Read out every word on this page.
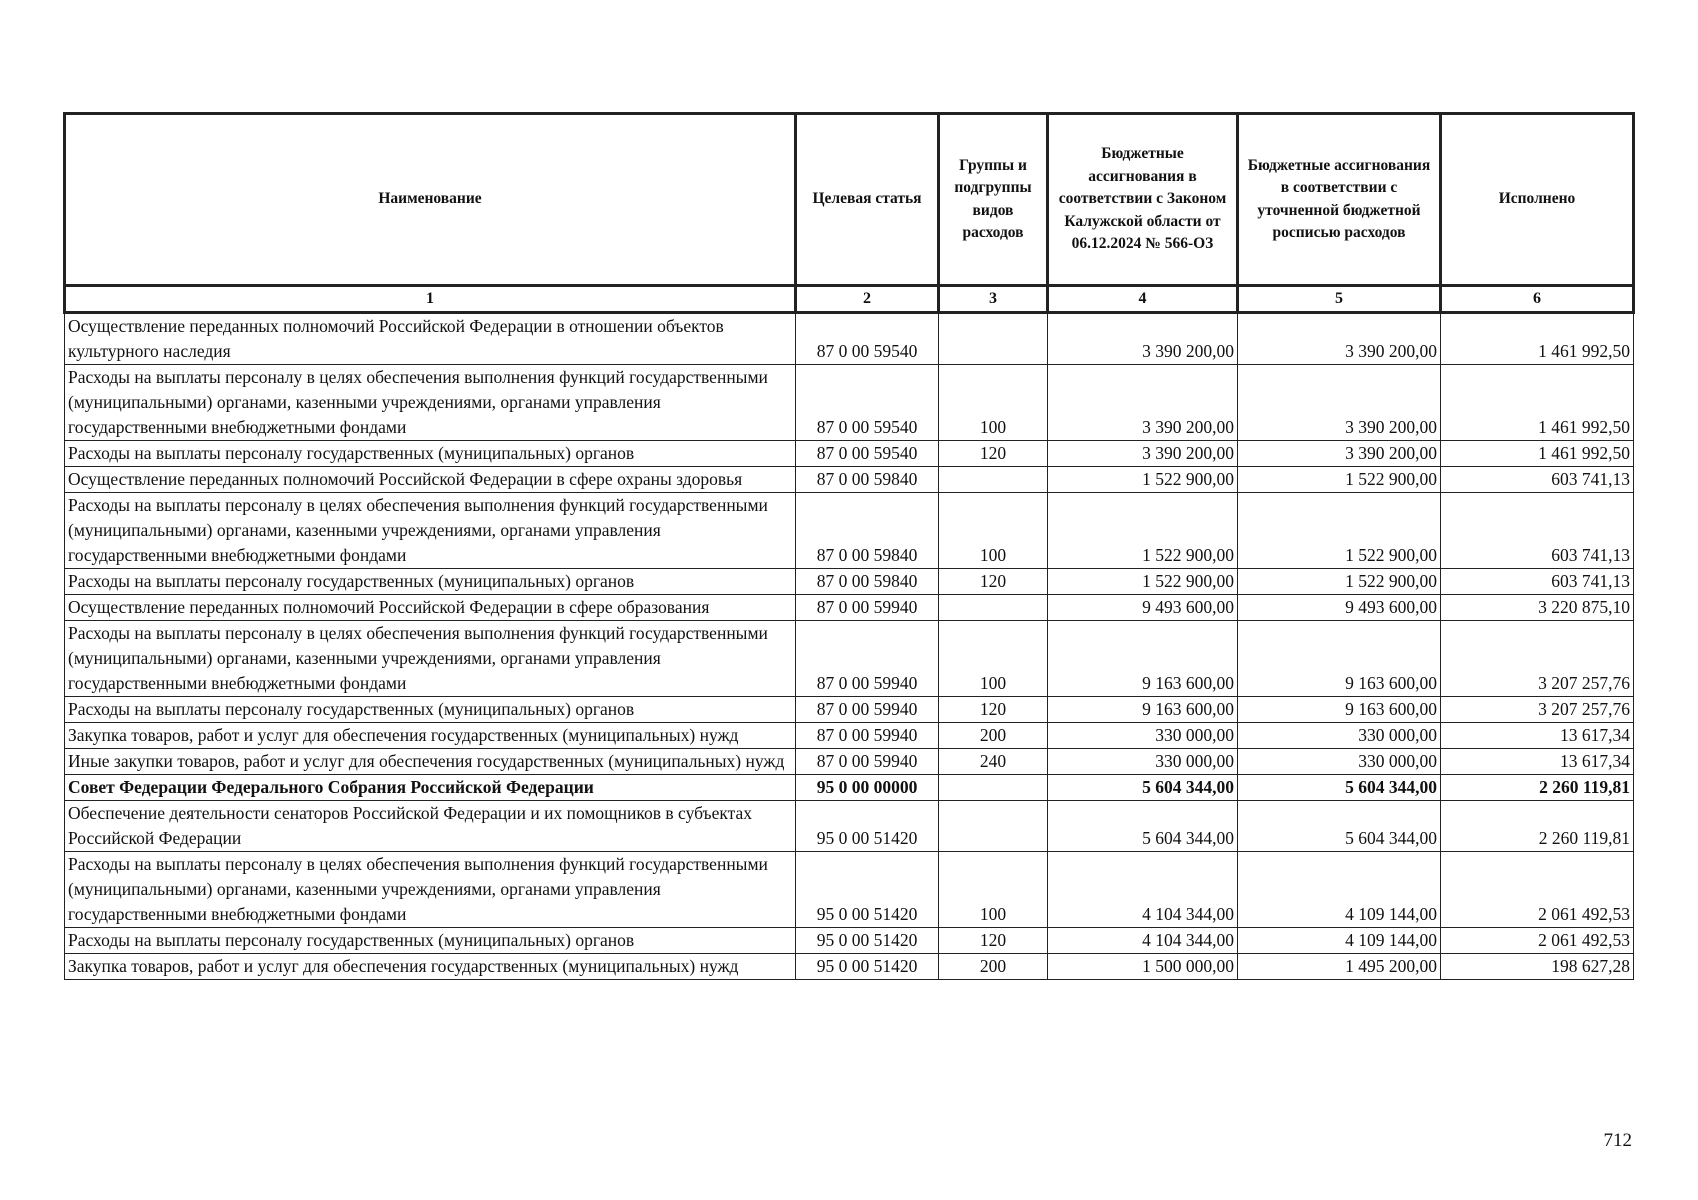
Наименование	Целевая статья	Группы и подгруппы видов расходов	Бюджетные ассигнования в соответствии с Законом Калужской области от 06.12.2024 № 566-ОЗ	Бюджетные ассигнования в соответствии с уточненной бюджетной росписью расходов	Исполнено
1	2	3	4	5	6
Осуществление переданных полномочий Российской Федерации в отношении объектов культурного наследия	87 0 00 59540		3 390 200,00	3 390 200,00	1 461 992,50
Расходы на выплаты персоналу в целях обеспечения выполнения функций государственными (муниципальными) органами, казенными учреждениями, органами управления государственными внебюджетными фондами	87 0 00 59540	100	3 390 200,00	3 390 200,00	1 461 992,50
Расходы на выплаты персоналу государственных (муниципальных) органов	87 0 00 59540	120	3 390 200,00	3 390 200,00	1 461 992,50
Осуществление переданных полномочий Российской Федерации в сфере охраны здоровья	87 0 00 59840		1 522 900,00	1 522 900,00	603 741,13
Расходы на выплаты персоналу в целях обеспечения выполнения функций государственными (муниципальными) органами, казенными учреждениями, органами управления государственными внебюджетными фондами	87 0 00 59840	100	1 522 900,00	1 522 900,00	603 741,13
Расходы на выплаты персоналу государственных (муниципальных) органов	87 0 00 59840	120	1 522 900,00	1 522 900,00	603 741,13
Осуществление переданных полномочий Российской Федерации в сфере образования	87 0 00 59940		9 493 600,00	9 493 600,00	3 220 875,10
Расходы на выплаты персоналу в целях обеспечения выполнения функций государственными (муниципальными) органами, казенными учреждениями, органами управления государственными внебюджетными фондами	87 0 00 59940	100	9 163 600,00	9 163 600,00	3 207 257,76
Расходы на выплаты персоналу государственных (муниципальных) органов	87 0 00 59940	120	9 163 600,00	9 163 600,00	3 207 257,76
Закупка товаров, работ и услуг для обеспечения государственных (муниципальных) нужд	87 0 00 59940	200	330 000,00	330 000,00	13 617,34
Иные закупки товаров, работ и услуг для обеспечения государственных (муниципальных) нужд	87 0 00 59940	240	330 000,00	330 000,00	13 617,34
Совет Федерации Федерального Собрания Российской Федерации	95 0 00 00000		5 604 344,00	5 604 344,00	2 260 119,81
Обеспечение деятельности сенаторов Российской Федерации и их помощников в субъектах Российской Федерации	95 0 00 51420		5 604 344,00	5 604 344,00	2 260 119,81
Расходы на выплаты персоналу в целях обеспечения выполнения функций государственными (муниципальными) органами, казенными учреждениями, органами управления государственными внебюджетными фондами	95 0 00 51420	100	4 104 344,00	4 109 144,00	2 061 492,53
Расходы на выплаты персоналу государственных (муниципальных) органов	95 0 00 51420	120	4 104 344,00	4 109 144,00	2 061 492,53
Закупка товаров, работ и услуг для обеспечения государственных (муниципальных) нужд	95 0 00 51420	200	1 500 000,00	1 495 200,00	198 627,28
712
